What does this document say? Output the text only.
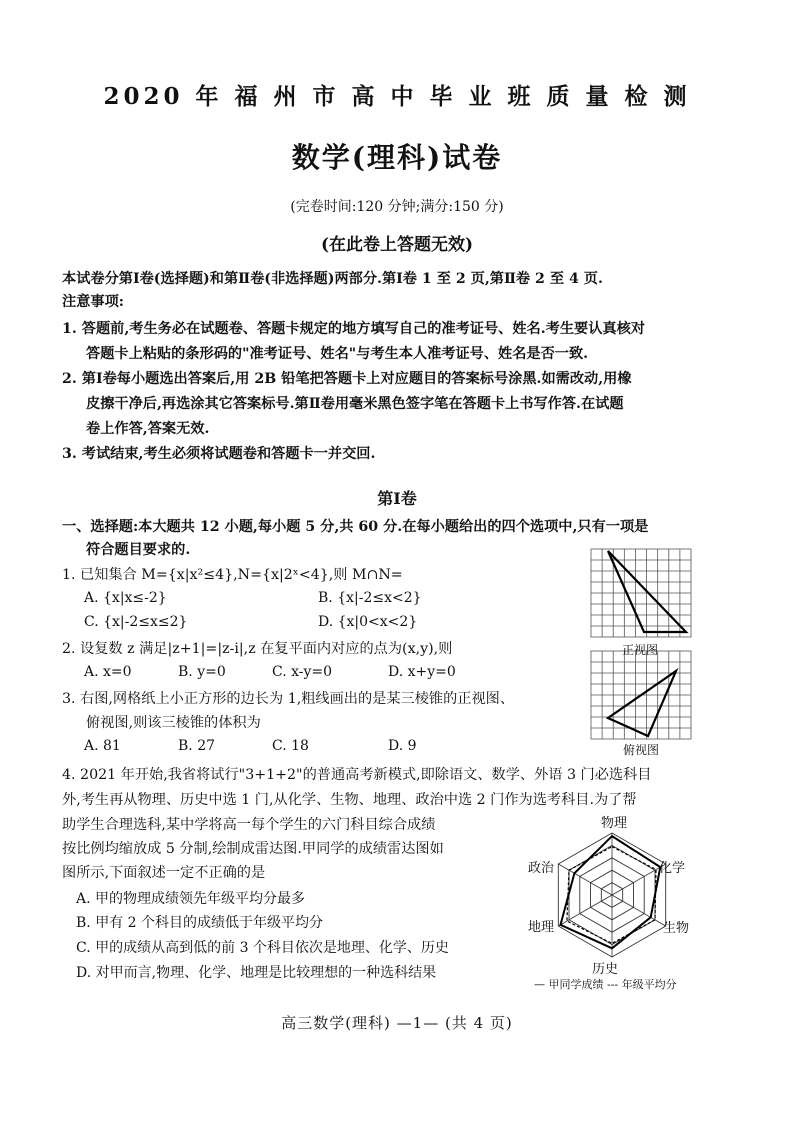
2020 年 福 州 市 高 中 毕 业 班 质 量 检 测
数学(理科)试卷
(完卷时间:120 分钟;满分:150 分)
(在此卷上答题无效)
本试卷分第Ⅰ卷(选择题)和第Ⅱ卷(非选择题)两部分.第Ⅰ卷 1 至 2 页,第Ⅱ卷 2 至 4 页.
注意事项:
1. 答题前,考生务必在试题卷、答题卡规定的地方填写自己的准考证号、姓名.考生要认真核对
答题卡上粘贴的条形码的"准考证号、姓名"与考生本人准考证号、姓名是否一致.
2. 第Ⅰ卷每小题选出答案后,用 2B 铅笔把答题卡上对应题目的答案标号涂黑.如需改动,用橡
皮擦干净后,再选涂其它答案标号.第Ⅱ卷用毫米黑色签字笔在答题卡上书写作答.在试题
卷上作答,答案无效.
3. 考试结束,考生必须将试题卷和答题卡一并交回.
第Ⅰ卷
一、选择题:本大题共 12 小题,每小题 5 分,共 60 分.在每小题给出的四个选项中,只有一项是
符合题目要求的.
1. 已知集合 M={x|x²≤4},N={x|2ˣ<4},则 M∩N=
A. {x|x≤-2}	B. {x|-2≤x<2}
C. {x|-2≤x≤2}	D. {x|0<x<2}
2. 设复数 z 满足|z+1|=|z-i|,z 在复平面内对应的点为(x,y),则
A. x=0	B. y=0	C. x-y=0	D. x+y=0
3. 右图,网格纸上小正方形的边长为 1,粗线画出的是某三棱锥的正视图、
俯视图,则该三棱锥的体积为
A. 81	B. 27	C. 18	D. 9
正视图
俯视图
4. 2021 年开始,我省将试行"3+1+2"的普通高考新模式,即除语文、数学、外语 3 门必选科目
外,考生再从物理、历史中选 1 门,从化学、生物、地理、政治中选 2 门作为选考科目.为了帮
助学生合理选科,某中学将高一每个学生的六门科目综合成绩
按比例均缩放成 5 分制,绘制成雷达图.甲同学的成绩雷达图如
图所示,下面叙述一定不正确的是
A. 甲的物理成绩领先年级平均分最多
B. 甲有 2 个科目的成绩低于年级平均分
C. 甲的成绩从高到低的前 3 个科目依次是地理、化学、历史
D. 对甲而言,物理、化学、地理是比较理想的一种选科结果
物理
化学
生物
历史
地理
政治
— 甲同学成绩 --- 年级平均分
高三数学(理科) —1— (共 4 页)
